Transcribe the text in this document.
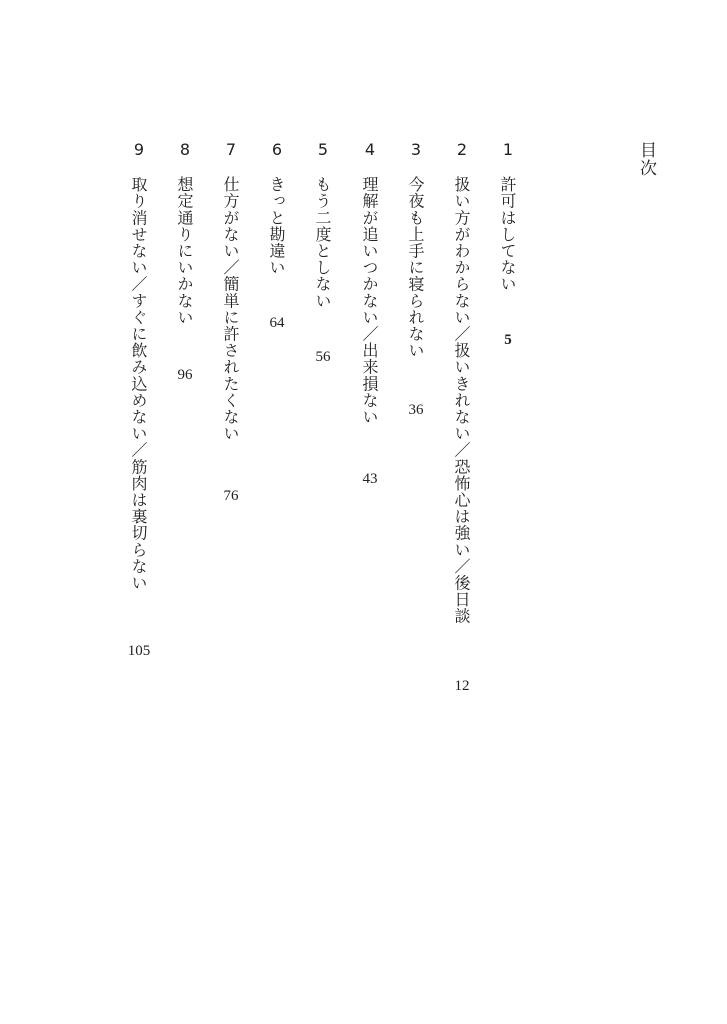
目次
1
許可はしてない
5
2
扱い方がわからない／扱いきれない／恐怖心は強い／後日談
12
3
今夜も上手に寝られない
36
4
理解が追いつかない／出来損ない
43
5
もう二度としない
56
6
きっと勘違い
64
7
仕方がない／簡単に許されたくない
76
8
想定通りにいかない
96
9
取り消せない／すぐに飲み込めない／筋肉は裏切らない
105
